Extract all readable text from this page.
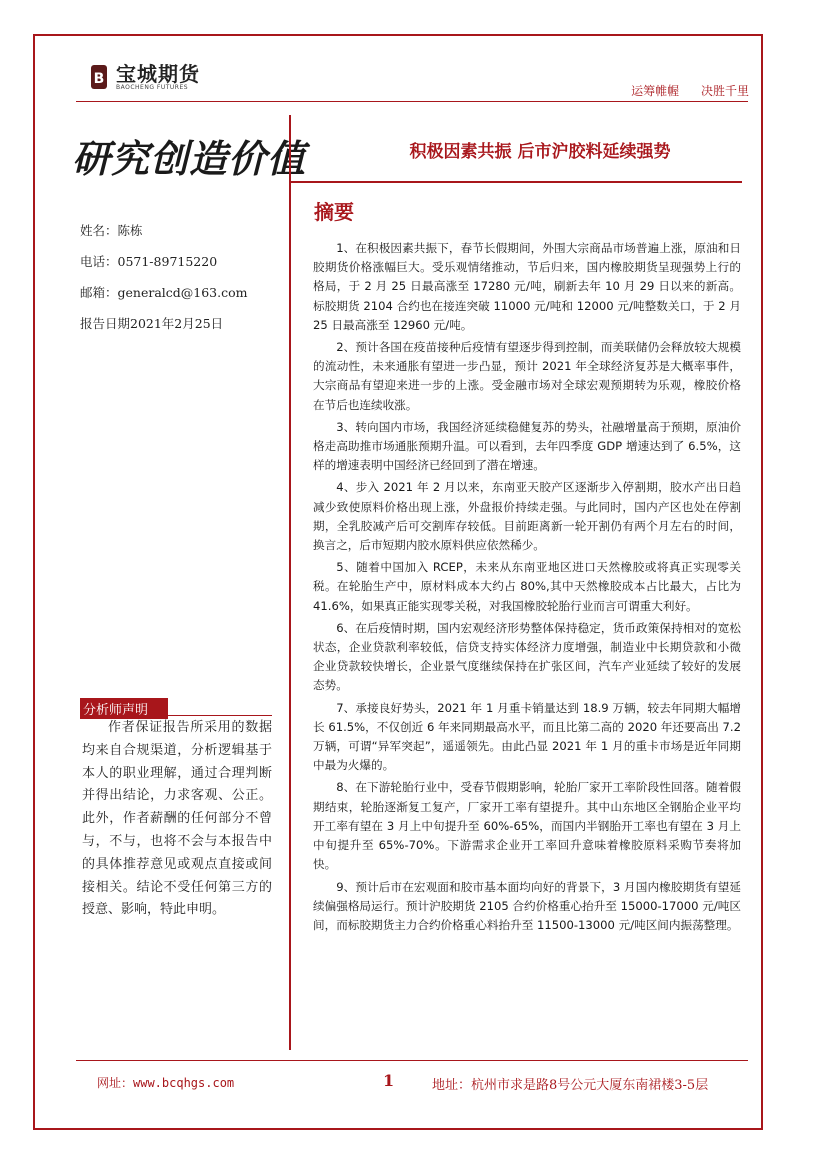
B 宝城期货
BAOCHENG FUTURES	运筹帷幄 决胜千里
研究创造价值	积极因素共振 后市沪胶料延续强势
摘要
姓名：陈栋
电话：0571-89715220
邮箱：generalcd@163.com
报告日期2021年2月25日
分析师声明
作者保证报告所采用的数据均来自合规渠道，分析逻辑基于本人的职业理解，通过合理判断并得出结论，力求客观、公正。此外，作者薪酬的任何部分不曾与，不与，也将不会与本报告中的具体推荐意见或观点直接或间接相关。结论不受任何第三方的授意、影响，特此申明。

1、在积极因素共振下，春节长假期间，外围大宗商品市场普遍上涨，原油和日胶期货价格涨幅巨大。受乐观情绪推动，节后归来，国内橡胶期货呈现强势上行的格局，于 2 月 25 日最高涨至 17280 元/吨，刷新去年 10 月 29 日以来的新高。标胶期货 2104 合约也在接连突破 11000 元/吨和 12000 元/吨整数关口，于 2 月 25 日最高涨至 12960 元/吨。

2、预计各国在疫苗接种后疫情有望逐步得到控制，而美联储仍会释放较大规模的流动性，未来通胀有望进一步凸显，预计 2021 年全球经济复苏是大概率事件，大宗商品有望迎来进一步的上涨。受金融市场对全球宏观预期转为乐观，橡胶价格在节后也连续收涨。

3、转向国内市场，我国经济延续稳健复苏的势头，社融增量高于预期，原油价格走高助推市场通胀预期升温。可以看到，去年四季度 GDP 增速达到了 6.5%，这样的增速表明中国经济已经回到了潜在增速。

4、步入 2021 年 2 月以来，东南亚天胶产区逐渐步入停割期，胶水产出日趋减少致使原料价格出现上涨，外盘报价持续走强。与此同时，国内产区也处在停割期，全乳胶减产后可交割库存较低。目前距离新一轮开割仍有两个月左右的时间，换言之，后市短期内胶水原料供应依然稀少。

5、随着中国加入 RCEP，未来从东南亚地区进口天然橡胶或将真正实现零关税。在轮胎生产中，原材料成本大约占 80%,其中天然橡胶成本占比最大，占比为 41.6%，如果真正能实现零关税，对我国橡胶轮胎行业而言可谓重大利好。

6、在后疫情时期，国内宏观经济形势整体保持稳定，货币政策保持相对的宽松状态，企业贷款利率较低，信贷支持实体经济力度增强，制造业中长期贷款和小微企业贷款较快增长，企业景气度继续保持在扩张区间，汽车产业延续了较好的发展态势。

7、承接良好势头，2021 年 1 月重卡销量达到 18.9 万辆，较去年同期大幅增长 61.5%，不仅创近 6 年来同期最高水平，而且比第二高的 2020 年还要高出 7.2 万辆，可谓“异军突起”，遥遥领先。由此凸显 2021 年 1 月的重卡市场是近年同期中最为火爆的。

8、在下游轮胎行业中，受春节假期影响，轮胎厂家开工率阶段性回落。随着假期结束，轮胎逐渐复工复产，厂家开工率有望提升。其中山东地区全钢胎企业平均开工率有望在 3 月上中旬提升至 60%-65%，而国内半钢胎开工率也有望在 3 月上中旬提升至 65%-70%。下游需求企业开工率回升意味着橡胶原料采购节奏将加快。

9、预计后市在宏观面和胶市基本面均向好的背景下，3 月国内橡胶期货有望延续偏强格局运行。预计沪胶期货 2105 合约价格重心抬升至 15000-17000 元/吨区间，而标胶期货主力合约价格重心料抬升至 11500-13000 元/吨区间内振荡整理。

网址：www.bcqhgs.com	1	地址：杭州市求是路8号公元大厦东南裙楼3-5层
